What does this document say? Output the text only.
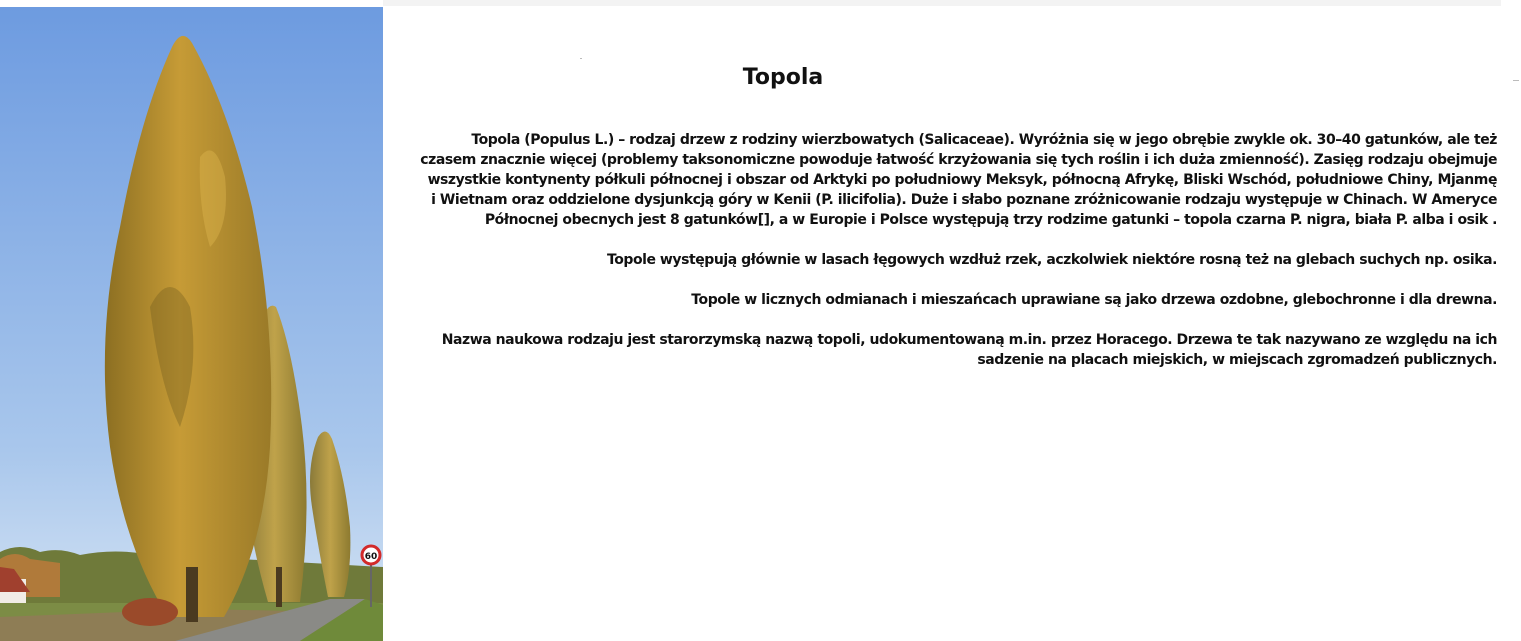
60
Topola

Topola (Populus L.) – rodzaj drzew z rodziny wierzbowatych (Salicaceae). Wyróżnia się w jego obrębie zwykle ok. 30–40 gatunków, ale też czasem znacznie więcej (problemy taksonomiczne powoduje łatwość krzyżowania się tych roślin i ich duża zmienność). Zasięg rodzaju obejmuje wszystkie kontynenty półkuli północnej i obszar od Arktyki po południowy Meksyk, północną Afrykę, Bliski Wschód, południowe Chiny, Mjanmę i Wietnam oraz oddzielone dysjunkcją góry w Kenii (P. ilicifolia). Duże i słabo poznane zróżnicowanie rodzaju występuje w Chinach. W Ameryce Północnej obecnych jest 8 gatunków[], a w Europie i Polsce występują trzy rodzime gatunki – topola czarna P. nigra, biała P. alba i osik .

Topole występują głównie w lasach łęgowych wzdłuż rzek, aczkolwiek niektóre rosną też na glebach suchych np. osika.

Topole w licznych odmianach i mieszańcach uprawiane są jako drzewa ozdobne, glebochronne i dla drewna.

Nazwa naukowa rodzaju jest starorzymską nazwą topoli, udokumentowaną m.in. przez Horacego. Drzewa te tak nazywano ze względu na ich sadzenie na placach miejskich, w miejscach zgromadzeń publicznych.
